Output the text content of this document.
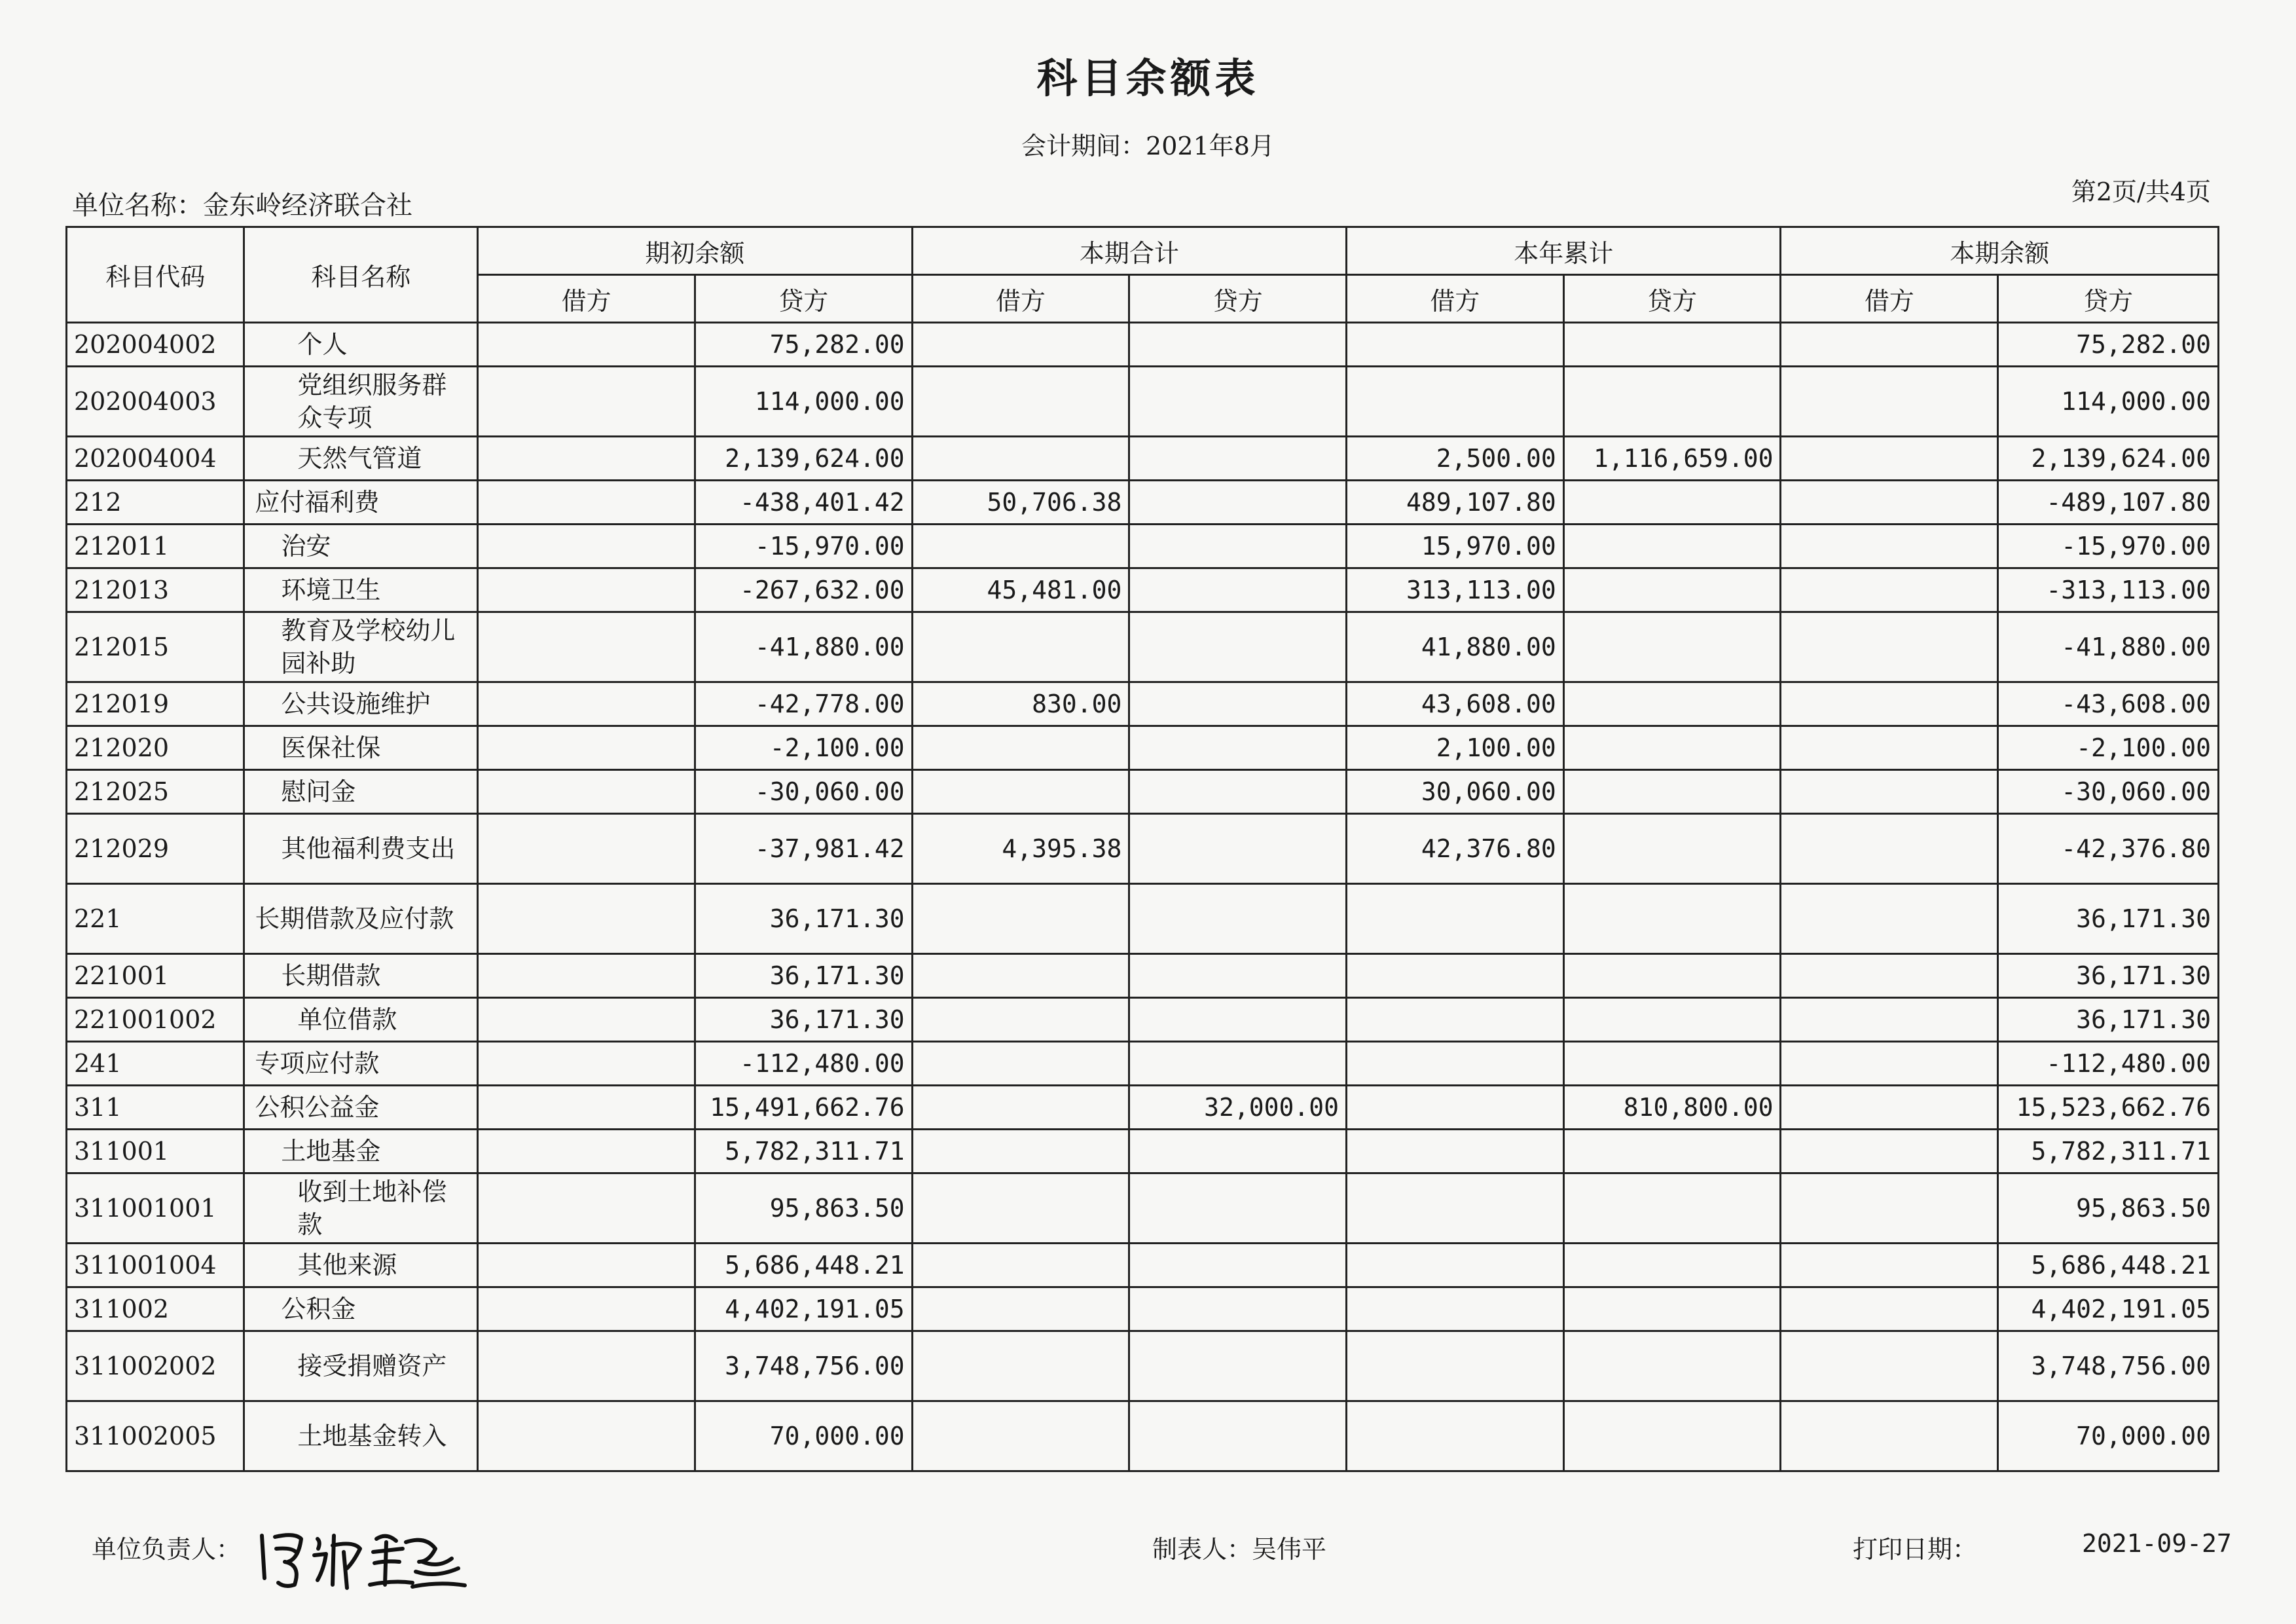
科目余额表
会计期间：2021年8月
单位名称：金东岭经济联合社	第2页/共4页
科目代码	科目名称	期初余额		本期合计		本年累计		本期余额	
		借方	贷方	借方	贷方	借方	贷方	借方	贷方
202004002	个人		75,282.00						75,282.00
202004003	党组织服务群众专项		114,000.00						114,000.00
202004004	天然气管道		2,139,624.00			2,500.00	1,116,659.00		2,139,624.00
212	应付福利费		-438,401.42	50,706.38		489,107.80			-489,107.80
212011	治安		-15,970.00			15,970.00			-15,970.00
212013	环境卫生		-267,632.00	45,481.00		313,113.00			-313,113.00
212015	教育及学校幼儿园补助		-41,880.00			41,880.00			-41,880.00
212019	公共设施维护		-42,778.00	830.00		43,608.00			-43,608.00
212020	医保社保		-2,100.00			2,100.00			-2,100.00
212025	慰问金		-30,060.00			30,060.00			-30,060.00
212029	其他福利费支出		-37,981.42	4,395.38		42,376.80			-42,376.80
221	长期借款及应付款		36,171.30						36,171.30
221001	长期借款		36,171.30						36,171.30
221001002	单位借款		36,171.30						36,171.30
241	专项应付款		-112,480.00						-112,480.00
311	公积公益金		15,491,662.76		32,000.00		810,800.00		15,523,662.76
311001	土地基金		5,782,311.71						5,782,311.71
311001001	收到土地补偿款		95,863.50						95,863.50
311001004	其他来源		5,686,448.21						5,686,448.21
311002	公积金		4,402,191.05						4,402,191.05
311002002	接受捐赠资产		3,748,756.00						3,748,756.00
311002005	土地基金转入		70,000.00						70,000.00
单位负责人：	制表人：吴伟平	打印日期：	2021-09-27
